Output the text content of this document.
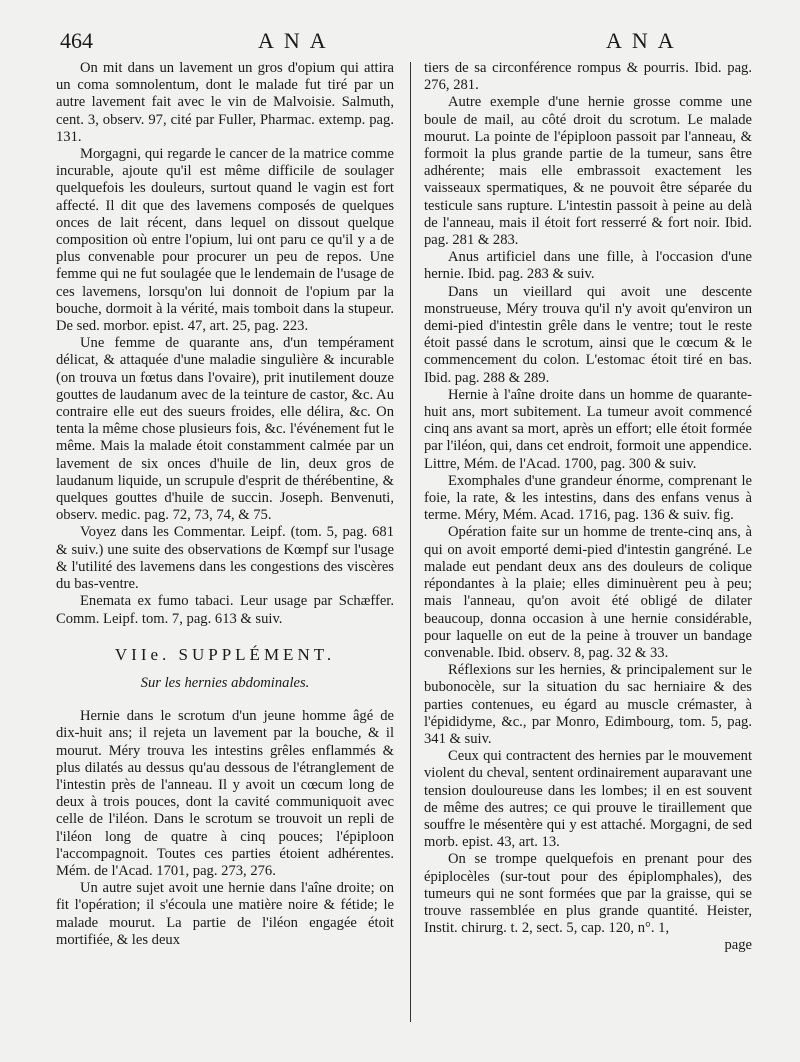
464	ANA	ANA

On mit dans un lavement un gros d'opium qui attira un coma somnolentum, dont le malade fut tiré par un autre lavement fait avec le vin de Malvoisie. Salmuth, cent. 3, observ. 97, cité par Fuller, Pharmac. extemp. pag. 131.

Morgagni, qui regarde le cancer de la matrice comme incurable, ajoute qu'il est même difficile de soulager quelquefois les douleurs, surtout quand le vagin est fort affecté. Il dit que des lavemens composés de quelques onces de lait récent, dans lequel on dissout quelque composition où entre l'opium, lui ont paru ce qu'il y a de plus convenable pour procurer un peu de repos. Une femme qui ne fut soulagée que le lendemain de l'usage de ces lavemens, lorsqu'on lui donnoit de l'opium par la bouche, dormoit à la vérité, mais tomboit dans la stupeur. De sed. morbor. epist. 47, art. 25, pag. 223.

Une femme de quarante ans, d'un tempérament délicat, & attaquée d'une maladie singulière & incurable (on trouva un fœtus dans l'ovaire), prit inutilement douze gouttes de laudanum avec de la teinture de castor, &c. Au contraire elle eut des sueurs froides, elle délira, &c. On tenta la même chose plusieurs fois, &c. l'événement fut le même. Mais la malade étoit constamment calmée par un lavement de six onces d'huile de lin, deux gros de laudanum liquide, un scrupule d'esprit de thérébentine, & quelques gouttes d'huile de succin. Joseph. Benvenuti, observ. medic. pag. 72, 73, 74, & 75.

Voyez dans les Commentar. Leipf. (tom. 5, pag. 681 & suiv.) une suite des observations de Kœmpf sur l'usage & l'utilité des lavemens dans les congestions des viscères du bas-ventre.

Enemata ex fumo tabaci. Leur usage par Schæffer. Comm. Leipf. tom. 7, pag. 613 & suiv.

VIIe. SUPPLÉMENT.

Sur les hernies abdominales.

Hernie dans le scrotum d'un jeune homme âgé de dix-huit ans; il rejeta un lavement par la bouche, & il mourut. Méry trouva les intestins grêles enflammés & plus dilatés au dessus qu'au dessous de l'étranglement de l'intestin près de l'anneau. Il y avoit un cœcum long de deux à trois pouces, dont la cavité communiquoit avec celle de l'iléon. Dans le scrotum se trouvoit un repli de l'iléon long de quatre à cinq pouces; l'épiploon l'accompagnoit. Toutes ces parties étoient adhérentes. Mém. de l'Acad. 1701, pag. 273, 276.

Un autre sujet avoit une hernie dans l'aîne droite; on fit l'opération; il s'écoula une matière noire & fétide; le malade mourut. La partie de l'iléon engagée étoit mortifiée, & les deux

tiers de sa circonférence rompus & pourris. Ibid. pag. 276, 281.

Autre exemple d'une hernie grosse comme une boule de mail, au côté droit du scrotum. Le malade mourut. La pointe de l'épiploon passoit par l'anneau, & formoit la plus grande partie de la tumeur, sans être adhérente; mais elle embrassoit exactement les vaisseaux spermatiques, & ne pouvoit être séparée du testicule sans rupture. L'intestin passoit à peine au delà de l'anneau, mais il étoit fort resserré & fort noir. Ibid. pag. 281 & 283.

Anus artificiel dans une fille, à l'occasion d'une hernie. Ibid. pag. 283 & suiv.

Dans un vieillard qui avoit une descente monstrueuse, Méry trouva qu'il n'y avoit qu'environ un demi-pied d'intestin grêle dans le ventre; tout le reste étoit passé dans le scrotum, ainsi que le cœcum & le commencement du colon. L'estomac étoit tiré en bas. Ibid. pag. 288 & 289.

Hernie à l'aîne droite dans un homme de quarante-huit ans, mort subitement. La tumeur avoit commencé cinq ans avant sa mort, après un effort; elle étoit formée par l'iléon, qui, dans cet endroit, formoit une appendice. Littre, Mém. de l'Acad. 1700, pag. 300 & suiv.

Exomphales d'une grandeur énorme, comprenant le foie, la rate, & les intestins, dans des enfans venus à terme. Méry, Mém. Acad. 1716, pag. 136 & suiv. fig.

Opération faite sur un homme de trente-cinq ans, à qui on avoit emporté demi-pied d'intestin gangréné. Le malade eut pendant deux ans des douleurs de colique répondantes à la plaie; elles diminuèrent peu à peu; mais l'anneau, qu'on avoit été obligé de dilater beaucoup, donna occasion à une hernie considérable, pour laquelle on eut de la peine à trouver un bandage convenable. Ibid. observ. 8, pag. 32 & 33.

Réflexions sur les hernies, & principalement sur le bubonocèle, sur la situation du sac herniaire & des parties contenues, eu égard au muscle crémaster, à l'épididyme, &c., par Monro, Edimbourg, tom. 5, pag. 341 & suiv.

Ceux qui contractent des hernies par le mouvement violent du cheval, sentent ordinairement auparavant une tension douloureuse dans les lombes; il en est souvent de même des autres; ce qui prouve le tiraillement que souffre le mésentère qui y est attaché. Morgagni, de sed morb. epist. 43, art. 13.

On se trompe quelquefois en prenant pour des épiplocèles (sur-tout pour des épiplomphales), des tumeurs qui ne sont formées que par la graisse, qui se trouve rassemblée en plus grande quantité. Heister, Instit. chirurg. t. 2, sect. 5, cap. 120, n°. 1,

page
